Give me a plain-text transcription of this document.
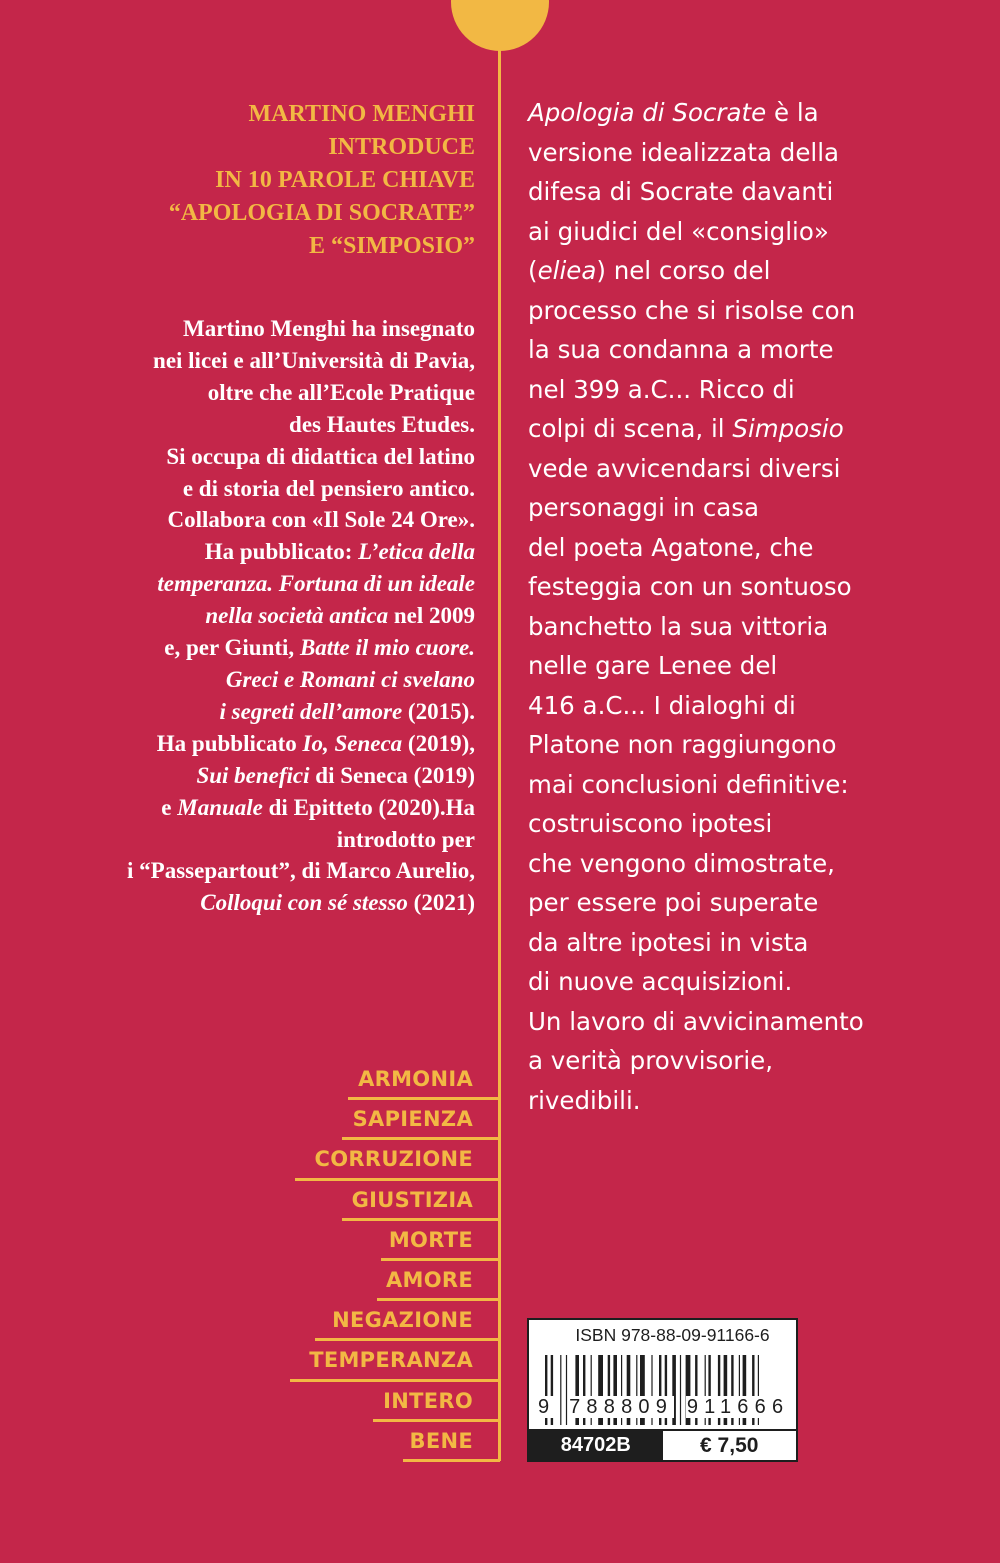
MARTINO MENGHI
INTRODUCE
IN 10 PAROLE CHIAVE
“APOLOGIA DI SOCRATE”
E “SIMPOSIO”
Martino Menghi ha insegnato
nei licei e all’Università di Pavia,
oltre che all’Ecole Pratique
des Hautes Etudes.
Si occupa di didattica del latino
e di storia del pensiero antico.
Collabora con «Il Sole 24 Ore».
Ha pubblicato: L’etica della
temperanza. Fortuna di un ideale
nella società antica nel 2009
e, per Giunti, Batte il mio cuore.
Greci e Romani ci svelano
i segreti dell’amore (2015).
Ha pubblicato Io, Seneca (2019),
Sui benefici di Seneca (2019)
e Manuale di Epitteto (2020).Ha
introdotto per
i “Passepartout”, di Marco Aurelio,
Colloqui con sé stesso (2021)
Apologia di Socrate è la
versione idealizzata della
difesa di Socrate davanti
ai giudici del «consiglio»
(eliea) nel corso del
processo che si risolse con
la sua condanna a morte
nel 399 a.C... Ricco di
colpi di scena, il Simposio
vede avvicendarsi diversi
personaggi in casa
del poeta Agatone, che
festeggia con un sontuoso
banchetto la sua vittoria
nelle gare Lenee del
416 a.C... I dialoghi di
Platone non raggiungono
mai conclusioni definitive:
costruiscono ipotesi
che vengono dimostrate,
per essere poi superate
da altre ipotesi in vista
di nuove acquisizioni.
Un lavoro di avvicinamento
a verità provvisorie,
rivedibili.
ARMONIA
SAPIENZA
CORRUZIONE
GIUSTIZIA
MORTE
AMORE
NEGAZIONE
TEMPERANZA
INTERO
BENE
ISBN 978-88-09-91166-6
9 788809 911666
84702B	€ 7,50
